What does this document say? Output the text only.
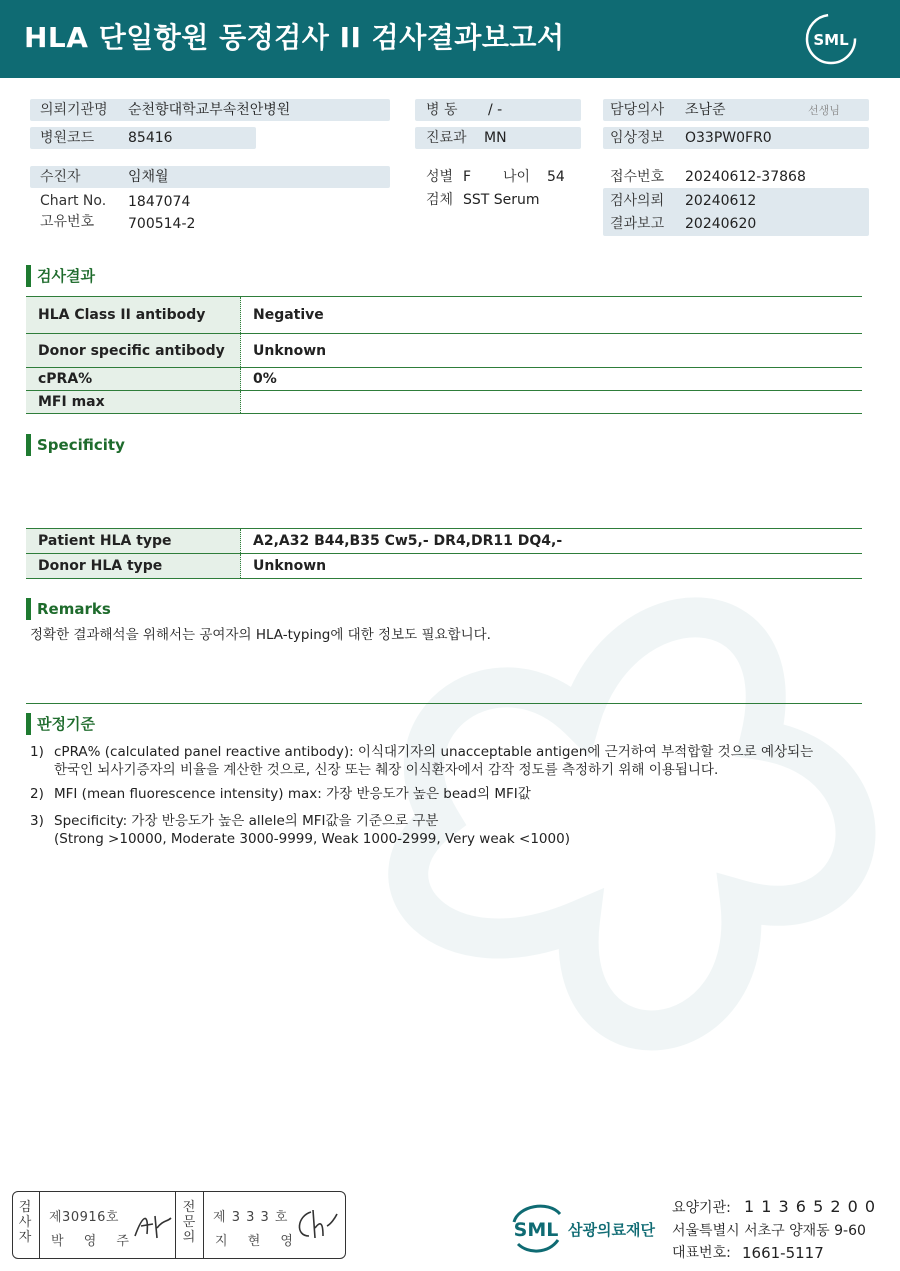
HLA 단일항원 동정검사 II 검사결과보고서	SML
의뢰기관명 순천향대학교부속천안병원
병원코드 85416
병 동 / -
진료과 MN
담당의사 조남준	선생님
임상정보 O33PW0FR0
수진자	임채월
Chart No. 1847074
고유번호 700514-2
성별 F 나이 54
검체 SST Serum
접수번호 20240612-37868
검사의뢰 20240612
결과보고 20240620
검사결과
HLA Class II antibody	Negative
Donor specific antibody	Unknown
cPRA%	0%
MFI max	
Specificity
Patient HLA type	A2,A32 B44,B35 Cw5,- DR4,DR11 DQ4,-
Donor HLA type	Unknown
Remarks
정확한 결과해석을 위해서는 공여자의 HLA-typing에 대한 정보도 필요합니다.
판정기준
1) cPRA% (calculated panel reactive antibody): 이식대기자의 unacceptable antigen에 근거하여 부적합할 것으로 예상되는
한국인 뇌사기증자의 비율을 계산한 것으로, 신장 또는 췌장 이식환자에서 감작 정도를 측정하기 위해 이용됩니다.
2) MFI (mean fluorescence intensity) max: 가장 반응도가 높은 bead의 MFI값
3) Specificity: 가장 반응도가 높은 allele의 MFI값을 기준으로 구분
(Strong >10000, Moderate 3000-9999, Weak 1000-2999, Very weak <1000)
검
사
자
제30916호
박 영 주
전
문
의
제 3 3 3 호
지 현 영
SML 삼광의료재단
요양기관: 1 1 3 6 5 2 0 0
서울특별시 서초구 양재동 9-60
대표번호: 1661-5117
